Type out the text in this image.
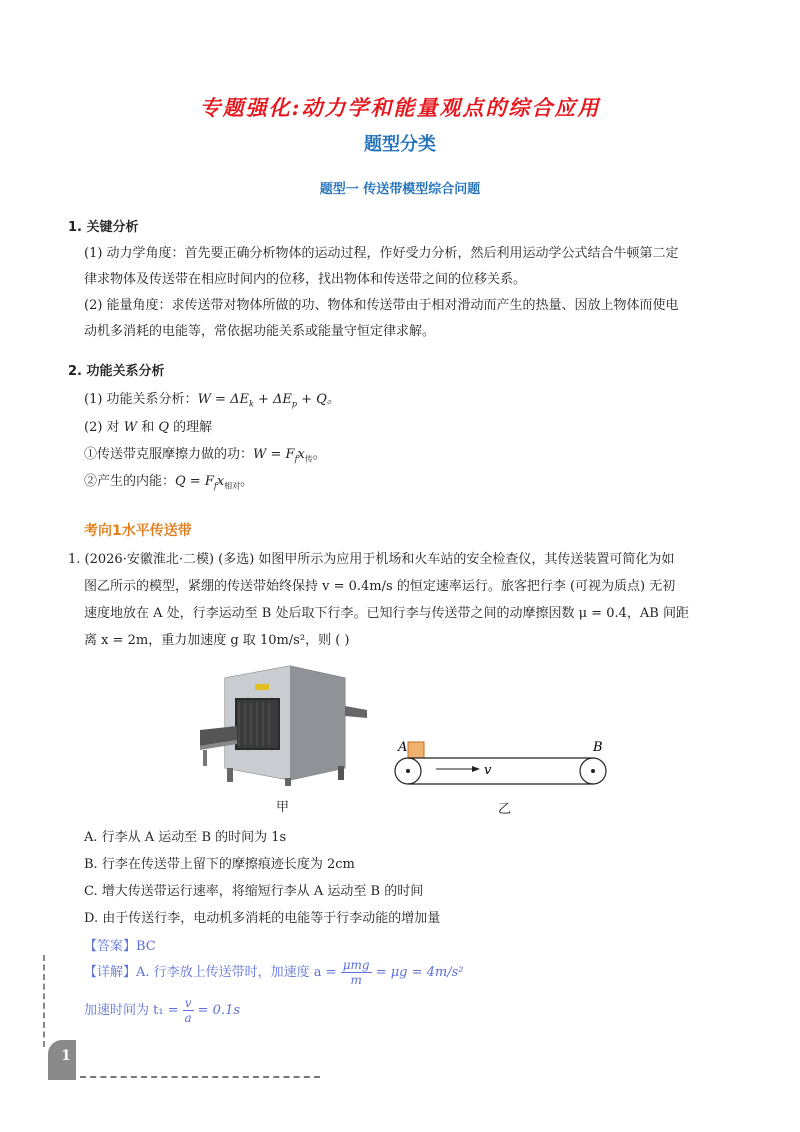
专题强化:动力学和能量观点的综合应用
题型分类
题型一 传送带模型综合问题
1. 关键分析
(1) 动力学角度：首先要正确分析物体的运动过程，作好受力分析，然后利用运动学公式结合牛顿第二定
律求物体及传送带在相应时间内的位移，找出物体和传送带之间的位移关系。
(2) 能量角度：求传送带对物体所做的功、物体和传送带由于相对滑动而产生的热量、因放上物体而使电
动机多消耗的电能等，常依据功能关系或能量守恒定律求解。
2. 功能关系分析
(1) 功能关系分析：$W = \Delta E_k + \Delta E_p + Q$。
(2) 对 W 和 Q 的理解
①传送带克服摩擦力做的功：$W = F_fx_传$。
②产生的内能：$Q = F_fx_{相对}$。
考向1水平传送带
1. (2026·安徽淮北·二模) (多选) 如图甲所示为应用于机场和火车站的安全检查仪，其传送装置可简化为如
图乙所示的模型，紧绷的传送带始终保持 v = 0.4m/s 的恒定速率运行。旅客把行李 (可视为质点) 无初
速度地放在 A 处，行李运动至 B 处后取下行李。已知行李与传送带之间的动摩擦因数 μ = 0.4，AB 间距
离 x = 2m，重力加速度 g 取 10m/s²，则 ( )
A	B
v
甲	乙
A. 行李从 A 运动至 B 的时间为 1s
B. 行李在传送带上留下的摩擦痕迹长度为 2cm
C. 增大传送带运行速率，将缩短行李从 A 运动至 B 的时间
D. 由于传送行李，电动机多消耗的电能等于行李动能的增加量
【答案】BC
【详解】A. 行李放上传送带时，加速度 $a = \frac{\text{μmg}}{m} = \mu g = 4m/s^2$
加速时间为 $t_1 = \frac{v}{a} = 0.1s$
1
